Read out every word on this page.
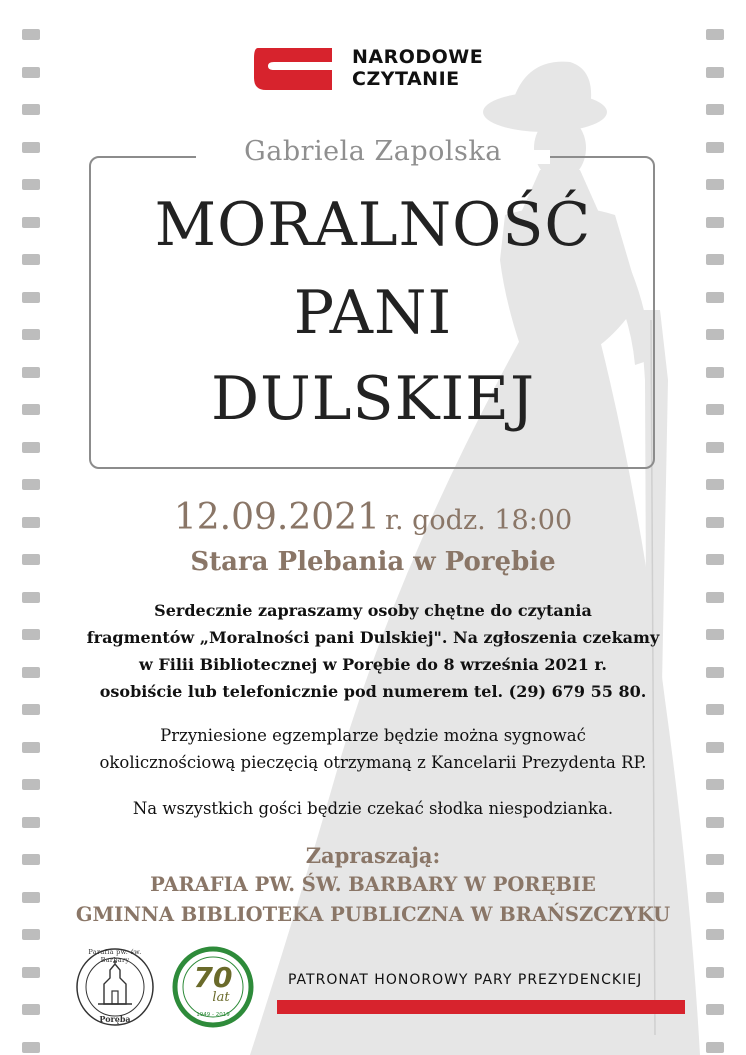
NARODOWE
CZYTANIE
Gabriela Zapolska
MORALNOŚĆ
PANI
DULSKIEJ
12.09.2021 r. godz. 18:00
Stara Plebania w Porębie
Serdecznie zapraszamy osoby chętne do czytania
fragmentów „Moralności pani Dulskiej". Na zgłoszenia czekamy
w Filii Bibliotecznej w Porębie do 8 września 2021 r.
osobiście lub telefonicznie pod numerem tel. (29) 679 55 80.
Przyniesione egzemplarze będzie można sygnować
okolicznościową pieczęcią otrzymaną z Kancelarii Prezydenta RP.
Na wszystkich gości będzie czekać słodka niespodzianka.
Zapraszają:
PARAFIA PW. ŚW. BARBARY W PORĘBIE
GMINNA BIBLIOTEKA PUBLICZNA W BRAŃSZCZYKU
Parafia pw. św. Barbary
Poręba
70
lat
1949 - 2019
PATRONAT HONOROWY PARY PREZYDENCKIEJ
